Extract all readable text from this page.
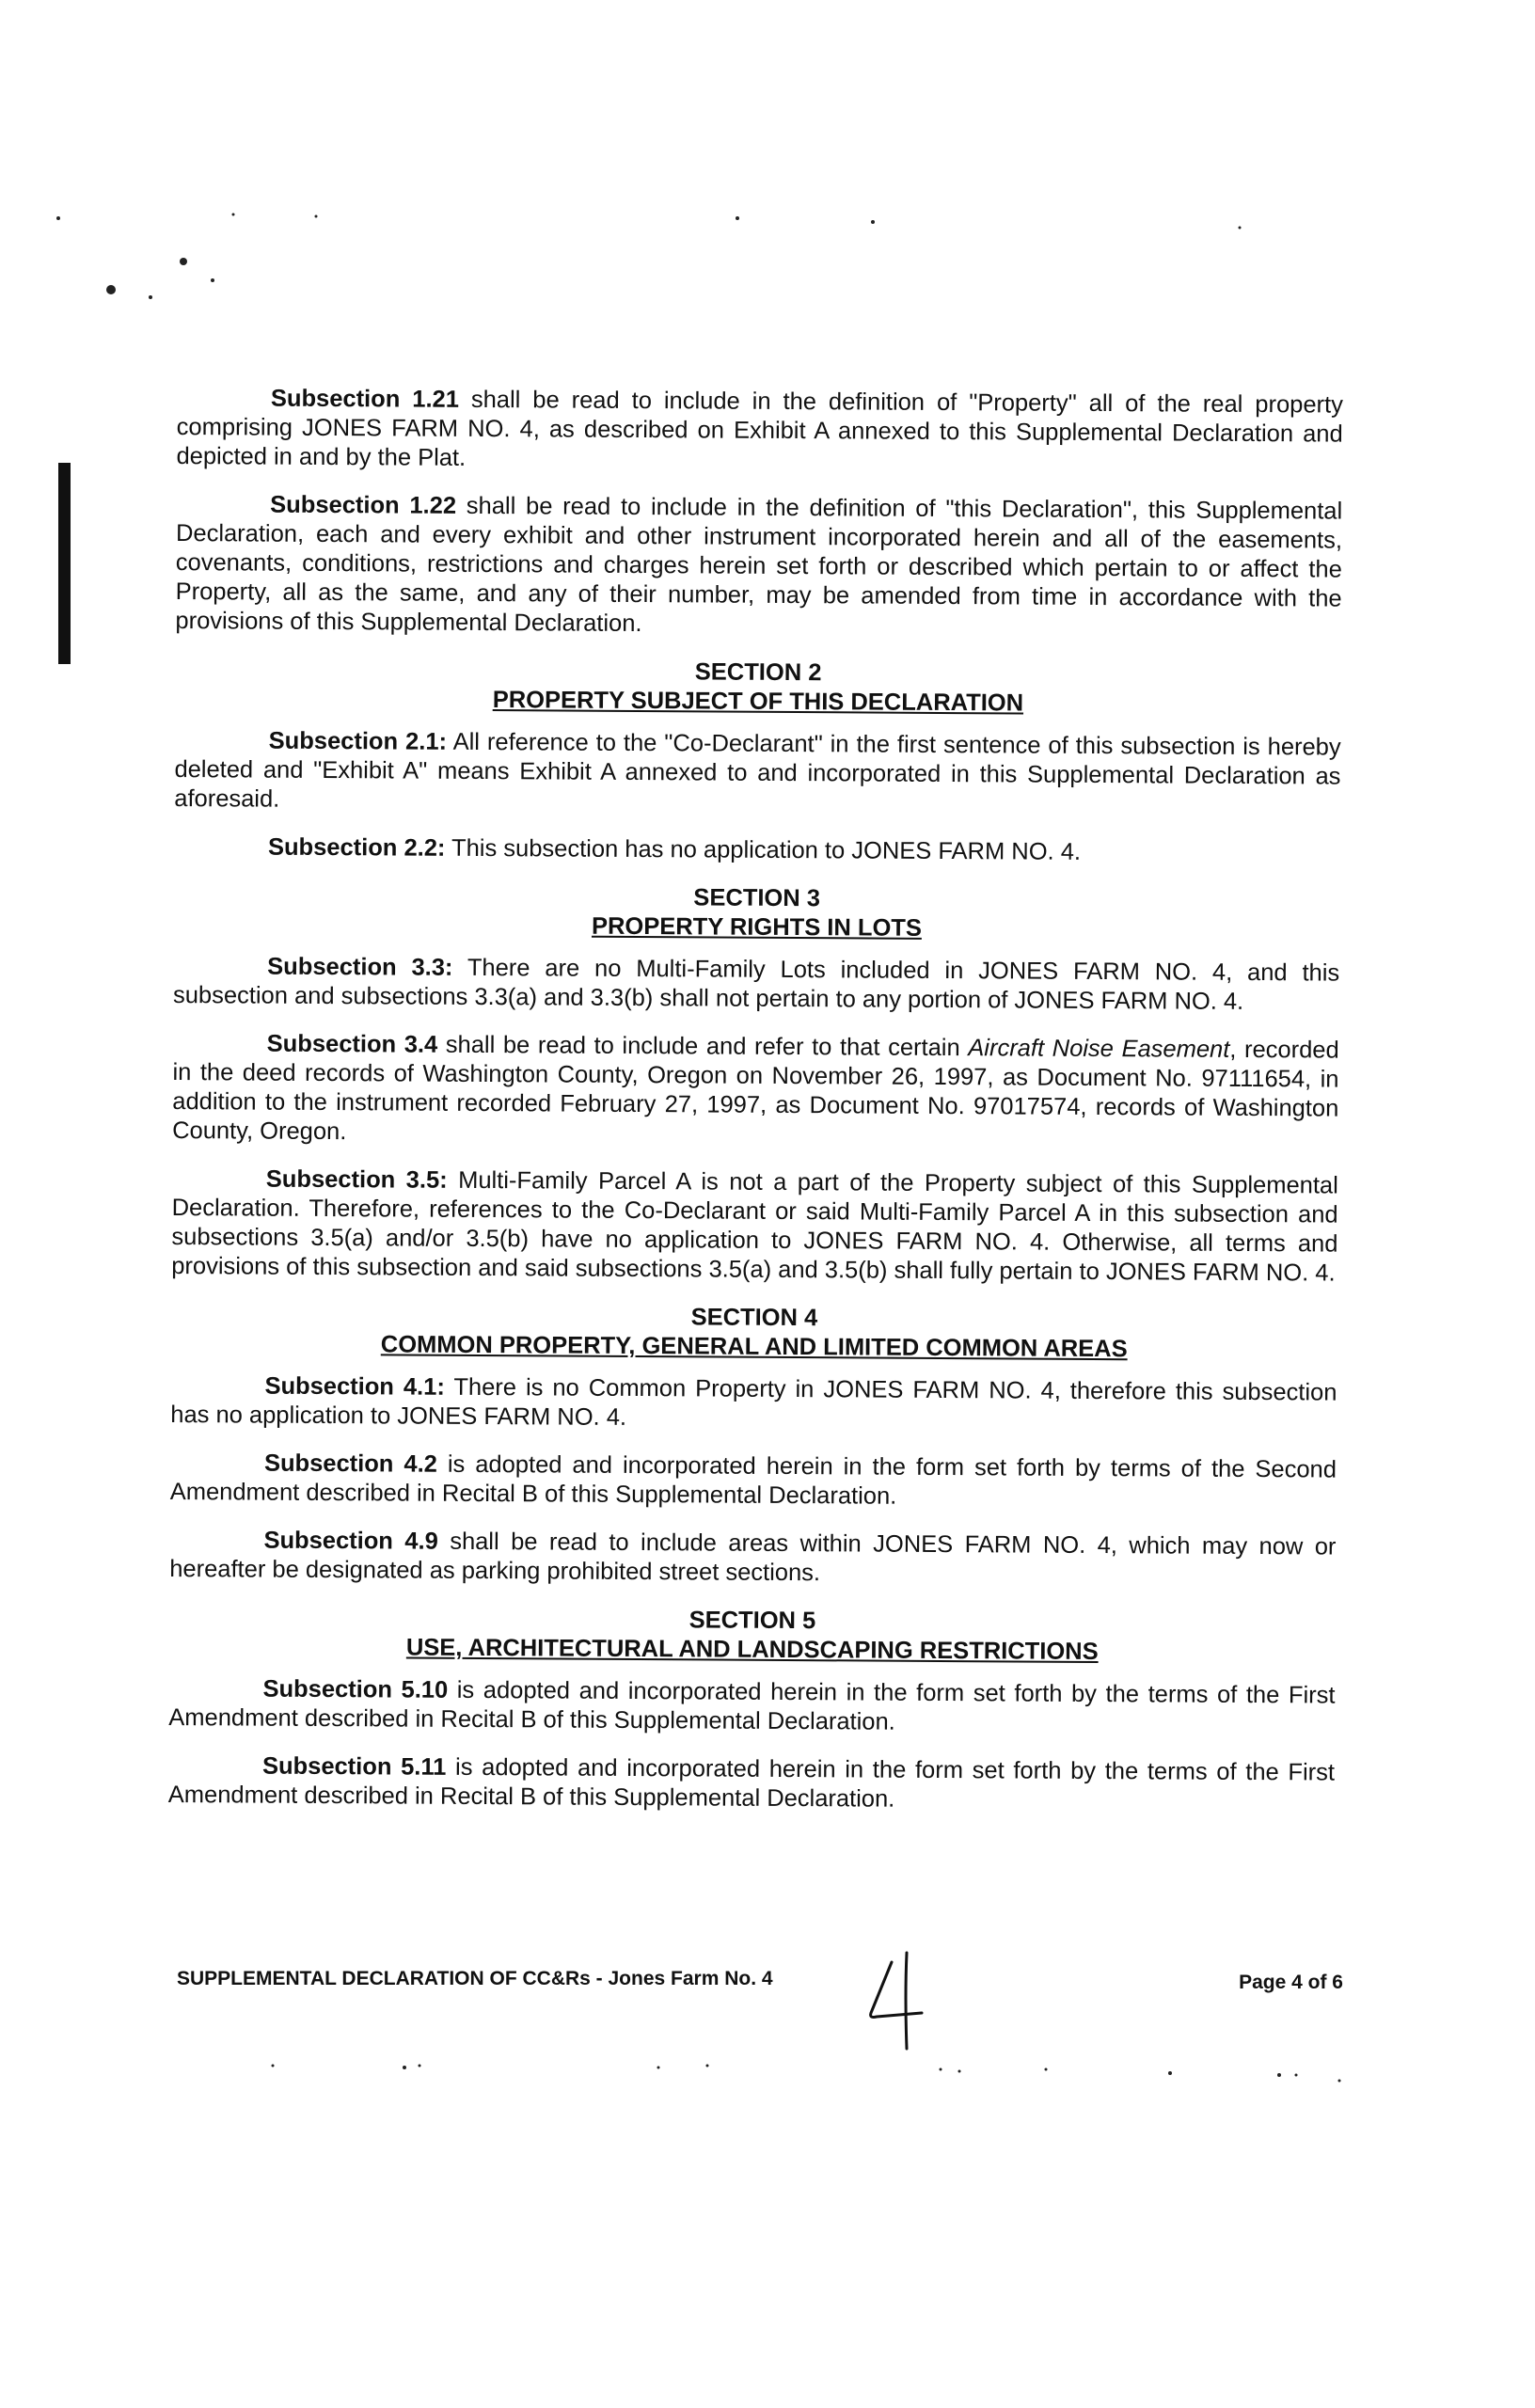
Subsection 1.21 shall be read to include in the definition of "Property" all of the real property comprising JONES FARM NO. 4, as described on Exhibit A annexed to this Supplemental Declaration and depicted in and by the Plat.

Subsection 1.22 shall be read to include in the definition of "this Declaration", this Supplemental Declaration, each and every exhibit and other instrument incorporated herein and all of the easements, covenants, conditions, restrictions and charges herein set forth or described which pertain to or affect the Property, all as the same, and any of their number, may be amended from time in accordance with the provisions of this Supplemental Declaration.

SECTION 2
PROPERTY SUBJECT OF THIS DECLARATION

Subsection 2.1: All reference to the "Co-Declarant" in the first sentence of this subsection is hereby deleted and "Exhibit A" means Exhibit A annexed to and incorporated in this Supplemental Declaration as aforesaid.

Subsection 2.2: This subsection has no application to JONES FARM NO. 4.

SECTION 3
PROPERTY RIGHTS IN LOTS

Subsection 3.3: There are no Multi-Family Lots included in JONES FARM NO. 4, and this subsection and subsections 3.3(a) and 3.3(b) shall not pertain to any portion of JONES FARM NO. 4.

Subsection 3.4 shall be read to include and refer to that certain Aircraft Noise Easement, recorded in the deed records of Washington County, Oregon on November 26, 1997, as Document No. 97111654, in addition to the instrument recorded February 27, 1997, as Document No. 97017574, records of Washington County, Oregon.

Subsection 3.5: Multi-Family Parcel A is not a part of the Property subject of this Supplemental Declaration. Therefore, references to the Co-Declarant or said Multi-Family Parcel A in this subsection and subsections 3.5(a) and/or 3.5(b) have no application to JONES FARM NO. 4. Otherwise, all terms and provisions of this subsection and said subsections 3.5(a) and 3.5(b) shall fully pertain to JONES FARM NO. 4.

SECTION 4
COMMON PROPERTY, GENERAL AND LIMITED COMMON AREAS

Subsection 4.1: There is no Common Property in JONES FARM NO. 4, therefore this subsection has no application to JONES FARM NO. 4.

Subsection 4.2 is adopted and incorporated herein in the form set forth by terms of the Second Amendment described in Recital B of this Supplemental Declaration.

Subsection 4.9 shall be read to include areas within JONES FARM NO. 4, which may now or hereafter be designated as parking prohibited street sections.

SECTION 5
USE, ARCHITECTURAL AND LANDSCAPING RESTRICTIONS

Subsection 5.10 is adopted and incorporated herein in the form set forth by the terms of the First Amendment described in Recital B of this Supplemental Declaration.

Subsection 5.11 is adopted and incorporated herein in the form set forth by the terms of the First Amendment described in Recital B of this Supplemental Declaration.

SUPPLEMENTAL DECLARATION OF CC&Rs - Jones Farm No. 4	Page 4 of 6
